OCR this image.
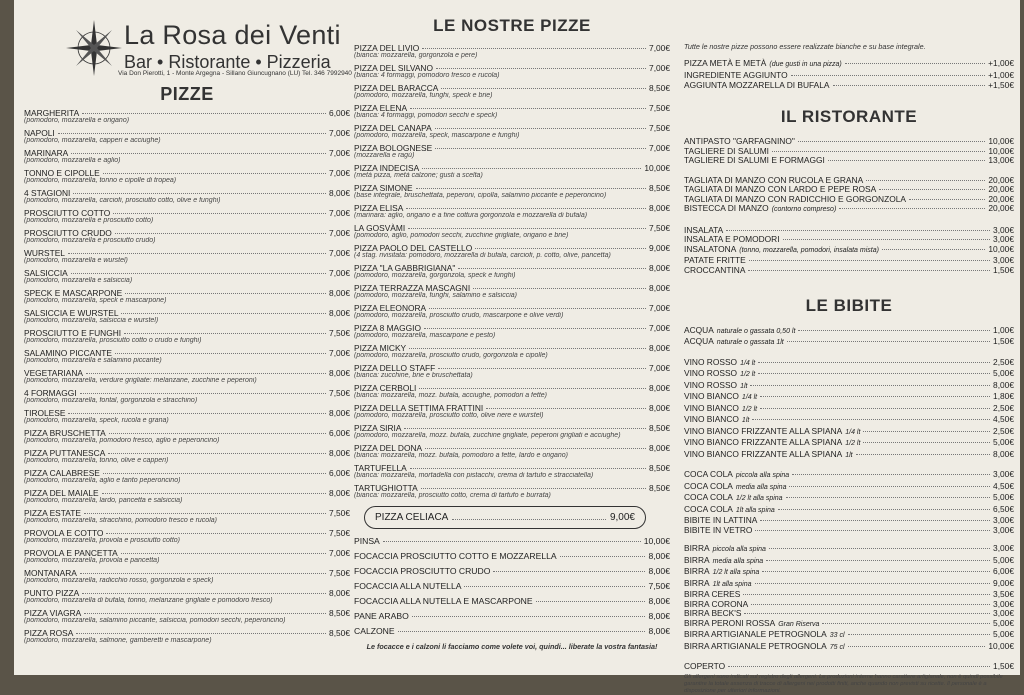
La Rosa dei Venti
Bar • Ristorante • Pizzeria
Via Don Pierotti, 1 - Monte Argegna - Sillano Giuncugnano (LU) Tel. 346 7992940
PIZZE
MARGHERITA	6,00€
(pomodoro, mozzarella e origano)
NAPOLI	7,00€
(pomodoro, mozzarella, capperi e acciughe)
MARINARA	7,00€
(pomodoro, mozzarella e aglio)
TONNO E CIPOLLE	7,00€
(pomodoro, mozzarella, tonno e cipolle di tropea)
4 STAGIONI	8,00€
(pomodoro, mozzarella, carciofi, prosciutto cotto, olive e funghi)
PROSCIUTTO COTTO	7,00€
(pomodoro, mozzarella e prosciutto cotto)
PROSCIUTTO CRUDO	7,00€
(pomodoro, mozzarella e prosciutto crudo)
WURSTEL	7,00€
(pomodoro, mozzarella e wurstel)
SALSICCIA	7,00€
(pomodoro, mozzarella e salsiccia)
SPECK E MASCARPONE	8,00€
(pomodoro, mozzarella, speck e mascarpone)
SALSICCIA E WURSTEL	8,00€
(pomodoro, mozzarella, salsiccia e wurstel)
PROSCIUTTO E FUNGHI	7,50€
(pomodoro, mozzarella, prosciutto cotto o crudo e funghi)
SALAMINO PICCANTE	7,00€
(pomodoro, mozzarella e salamino piccante)
VEGETARIANA	8,00€
(pomodoro, mozzarella, verdure grigliate: melanzane, zucchine e peperoni)
4 FORMAGGI	7,50€
(pomodoro, mozzarella, fontal, gorgonzola e stracchino)
TIROLESE	8,00€
(pomodoro, mozzarella, speck, rucola e grana)
PIZZA BRUSCHETTA	6,00€
(pomodoro, mozzarella, pomodoro fresco, aglio e peperoncino)
PIZZA PUTTANESCA	8,00€
(pomodoro, mozzarella, tonno, olive e capperi)
PIZZA CALABRESE	6,00€
(pomodoro, mozzarella, aglio e tanto peperoncino)
PIZZA DEL MAIALE	8,00€
(pomodoro, mozzarella, lardo, pancetta e salsiccia)
PIZZA ESTATE	7,50€
(pomodoro, mozzarella, stracchino, pomodoro fresco e rucola)
PROVOLA E COTTO	7,50€
(pomodoro, mozzarella, provola e prosciutto cotto)
PROVOLA E PANCETTA	7,00€
(pomodoro, mozzarella, provola e pancetta)
MONTANARA	7,50€
(pomodoro, mozzarella, radicchio rosso, gorgonzola e speck)
PUNTO PIZZA	8,00€
(pomodoro, mozzarella di bufala, tonno, melanzane grigliate e pomodoro fresco)
PIZZA VIAGRA	8,50€
(pomodoro, mozzarella, salamino piccante, salsiccia, pomodori secchi, peperoncino)
PIZZA ROSA	8,50€
(pomodoro, mozzarella, salmone, gamberetti e mascarpone)
LE NOSTRE PIZZE
PIZZA DEL LIVIO	7,00€
(bianca: mozzarella, gorgonzola e pere)
PIZZA DEL SILVANO	7,00€
(bianca: 4 formaggi, pomodoro fresco e rucola)
PIZZA DEL BARACCA	8,50€
(pomodoro, mozzarella, funghi, speck e brie)
PIZZA ELENA	7,50€
(bianca: 4 formaggi, pomodori secchi e speck)
PIZZA DEL CANAPA	7,50€
(pomodoro, mozzarella, speck, mascarpone e funghi)
PIZZA BOLOGNESE	7,00€
(mozzarella e ragù)
PIZZA INDECISA	10,00€
(metà pizza, metà calzone; gusti a scelta)
PIZZA SIMONE	8,50€
(base integrale, bruschettata, peperoni, cipolla, salamino piccante e peperoncino)
PIZZA ELISA	8,00€
(marinara: aglio, origano e a fine cottura gorgonzola e mozzarella di bufala)
LA GOSVÀMI	7,50€
(pomodoro, aglio, pomodori secchi, zucchine grigliate, origano e brie)
PIZZA PAOLO DEL CASTELLO	9,00€
(4 stag. rivisitata: pomodoro, mozzarella di bufala, carciofi, p. cotto, olive, pancetta)
PIZZA "LA GABBRIGIANA"	8,00€
(pomodoro, mozzarella, gorgonzola, speck e funghi)
PIZZA TERRAZZA MASCAGNI	8,00€
(pomodoro, mozzarella, funghi, salamino e salsiccia)
PIZZA ELEONORA	7,00€
(pomodoro, mozzarella, prosciutto crudo, mascarpone e olive verdi)
PIZZA 8 MAGGIO	7,00€
(pomodoro, mozzarella, mascarpone e pesto)
PIZZA MICKY	8,00€
(pomodoro, mozzarella, prosciutto crudo, gorgonzola e cipolle)
PIZZA DELLO STAFF	7,00€
(bianca: zucchine, brie e bruschettata)
PIZZA CERBOLI	8,00€
(bianca: mozzarella, mozz. bufala, acciughe, pomodori a fette)
PIZZA DELLA SETTIMA FRATTINI	8,00€
(pomodoro, mozzarella, prosciutto cotto, olive nere e wurstel)
PIZZA SIRIA	8,50€
(pomodoro, mozzarella, mozz. bufala, zucchine grigliate, peperoni grigliati e acciughe)
PIZZA DEL DONA	8,00€
(bianca: mozzarella, mozz. bufala, pomodoro a fette, lardo e origano)
TARTUFELLA	8,50€
(bianca: mozzarella, mortadella con pistacchi, crema di tartufo e stracciatella)
TARTUGHIOTTA	8,50€
(bianca: mozzarella, prosciutto cotto, crema di tartufo e burrata)
PIZZA CELIACA	9,00€
PINSA	10,00€
FOCACCIA PROSCIUTTO COTTO E MOZZARELLA	8,00€
FOCACCIA PROSCIUTTO CRUDO	8,00€
FOCACCIA ALLA NUTELLA	7,50€
FOCACCIA ALLA NUTELLA E MASCARPONE	8,00€
PANE ARABO	8,00€
CALZONE	8,00€
Le focacce e i calzoni li facciamo come volete voi, quindi... liberate la vostra fantasia!
Tutte le nostre pizze possono essere realizzate bianche e su base integrale.
PIZZA METÀ E METÀ (due gusti in una pizza)	+1,00€
INGREDIENTE AGGIUNTO	+1,00€
AGGIUNTA MOZZARELLA DI BUFALA	+1,50€
IL RISTORANTE
ANTIPASTO "GARFAGNINO"	10,00€
TAGLIERE DI SALUMI	10,00€
TAGLIERE DI SALUMI E FORMAGGI	13,00€
TAGLIATA DI MANZO CON RUCOLA E GRANA	20,00€
TAGLIATA DI MANZO CON LARDO E PEPE ROSA	20,00€
TAGLIATA DI MANZO CON RADICCHIO E GORGONZOLA	20,00€
BISTECCA DI MANZO (contorno compreso)	20,00€
INSALATA	3,00€
INSALATA E POMODORI	3,00€
INSALATONA (tonno, mozzarella, pomodori, insalata mista)	10,00€
PATATE FRITTE	3,00€
CROCCANTINA	1,50€
LE BIBITE
ACQUA naturale o gassata 0,50 lt	1,00€
ACQUA naturale o gassata 1lt	1,50€
VINO ROSSO 1/4 lt	2,50€
VINO ROSSO 1/2 lt	5,00€
VINO ROSSO 1lt	8,00€
VINO BIANCO 1/4 lt	1,80€
VINO BIANCO 1/2 lt	2,50€
VINO BIANCO 1lt	4,50€
VINO BIANCO FRIZZANTE ALLA SPIANA 1/4 lt	2,50€
VINO BIANCO FRIZZANTE ALLA SPIANA 1/2 lt	5,00€
VINO BIANCO FRIZZANTE ALLA SPIANA 1lt	8,00€
COCA COLA piccola alla spina	3,00€
COCA COLA media alla spina	4,50€
COCA COLA 1/2 lt alla spina	5,00€
COCA COLA 1lt alla spina	6,50€
BIBITE IN LATTINA	3,00€
BIBITE IN VETRO	3,00€
BIRRA piccola alla spina	3,00€
BIRRA media alla spina	5,00€
BIRRA 1/2 lt alla spina	6,00€
BIRRA 1lt alla spina	9,00€
BIRRA CERES	3,50€
BIRRA CORONA	3,00€
BIRRA BECK'S	3,00€
BIRRA PERONI ROSSA Gran Riserva	5,00€
BIRRA ARTIGIANALE PETROGNOLA 33 cl	5,00€
BIRRA ARTIGIANALE PETROGNOLA 75 cl	10,00€
COPERTO	1,50€
Gli allergeni sono indicati sul registro degli allergeni. Le produzioni interne hanno carattere artigianale, non è quindi possibile garantire la totale assenza di tracce di allergeni nei prodotti finiti, anche quando non previsti su ricette. Il personale è a disposizione per ulteriori informazioni.
